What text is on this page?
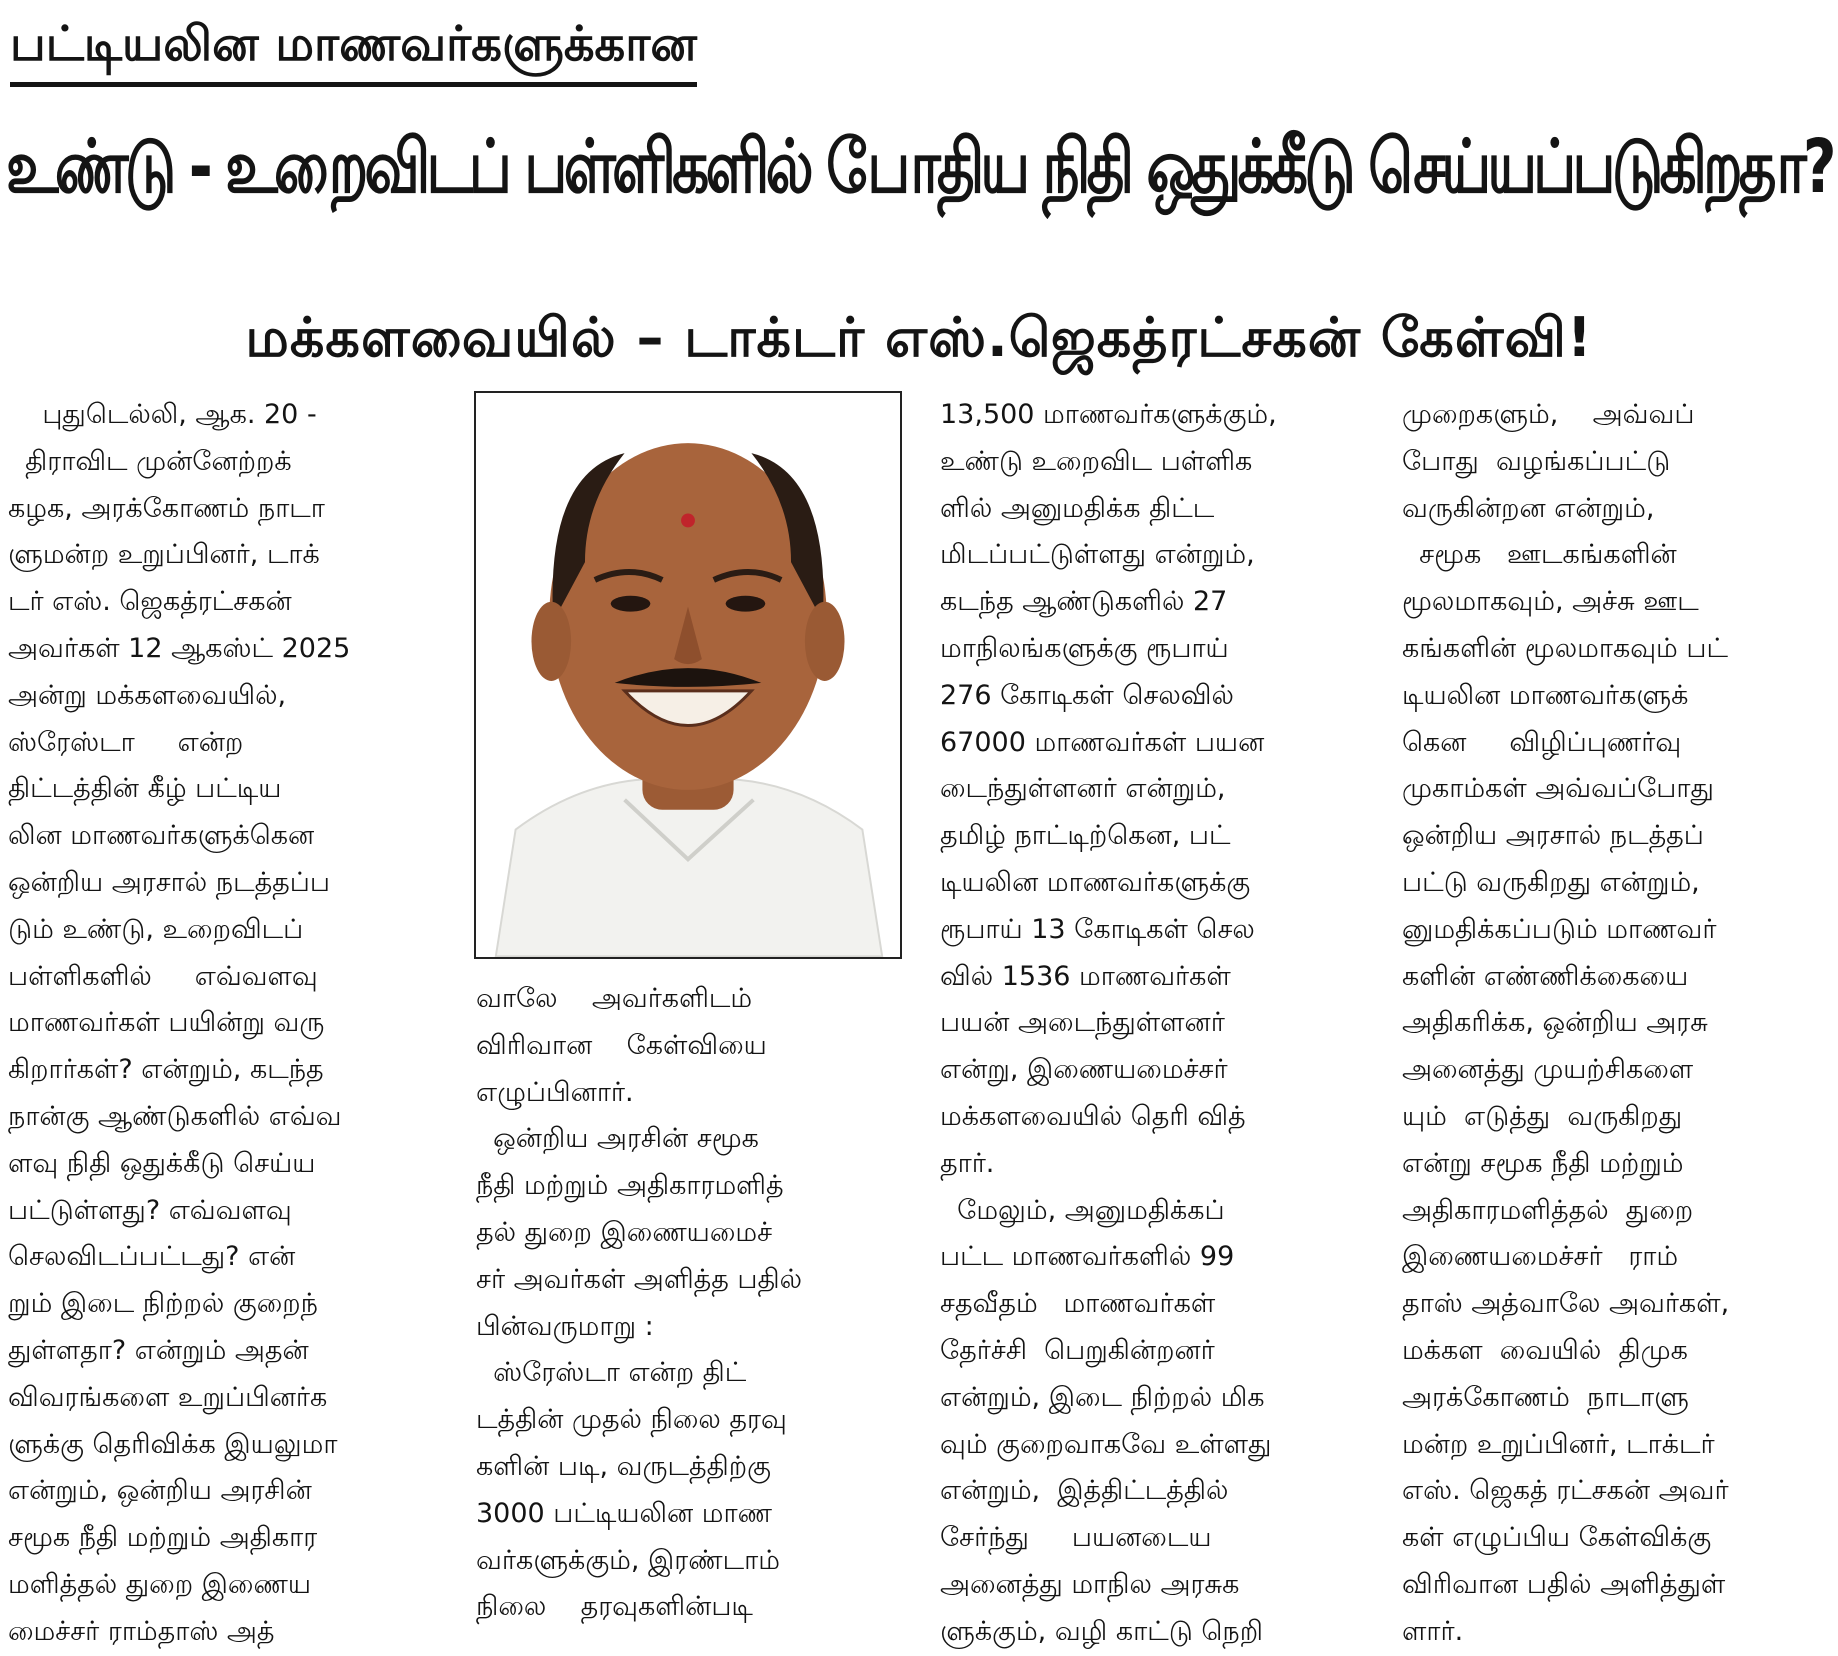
பட்டியலின மாணவர்களுக்கான
உண்டு - உறைவிடப் பள்ளிகளில் போதிய நிதி ஒதுக்கீடு செய்யப்படுகிறதா?
மக்களவையில் – டாக்டர் எஸ்.ஜெகத்ரட்சகன் கேள்வி!
புதுடெல்லி, ஆக. 20 -
திராவிட முன்னேற்றக்
கழக, அரக்கோணம் நாடா
ளுமன்ற உறுப்பினர், டாக்
டர் எஸ். ஜெகத்ரட்சகன்
அவர்கள் 12 ஆகஸ்ட் 2025
அன்று மக்களவையில்,
ஸ்ரேஸ்டா     என்ற
திட்டத்தின் கீழ் பட்டிய
லின மாணவர்களுக்கென
ஒன்றிய அரசால் நடத்தப்ப
டும் உண்டு, உறைவிடப்
பள்ளிகளில்     எவ்வளவு
மாணவர்கள் பயின்று வரு
கிறார்கள்? என்றும், கடந்த
நான்கு ஆண்டுகளில் எவ்வ
ளவு நிதி ஒதுக்கீடு செய்ய
பட்டுள்ளது? எவ்வளவு
செலவிடப்பட்டது? என்
றும் இடை நிற்றல் குறைந்
துள்ளதா? என்றும் அதன்
விவரங்களை உறுப்பினர்க
ளுக்கு தெரிவிக்க இயலுமா
என்றும், ஒன்றிய அரசின்
சமூக நீதி மற்றும் அதிகார
மளித்தல் துறை இணைய
மைச்சர் ராம்தாஸ் அத்
வாலே    அவர்களிடம்
விரிவான    கேள்வியை
எழுப்பினார்.
ஒன்றிய அரசின் சமூக
நீதி மற்றும் அதிகாரமளித்
தல் துறை இணையமைச்
சர் அவர்கள் அளித்த பதில்
பின்வருமாறு :
ஸ்ரேஸ்டா என்ற திட்
டத்தின் முதல் நிலை தரவு
களின் படி, வருடத்திற்கு
3000 பட்டியலின மாண
வர்களுக்கும், இரண்டாம்
நிலை    தரவுகளின்படி
13,500 மாணவர்களுக்கும்,
உண்டு உறைவிட பள்ளிக
ளில் அனுமதிக்க திட்ட
மிடப்பட்டுள்ளது என்றும்,
கடந்த ஆண்டுகளில் 27
மாநிலங்களுக்கு ரூபாய்
276 கோடிகள் செலவில்
67000 மாணவர்கள் பயன
டைந்துள்ளனர் என்றும்,
தமிழ் நாட்டிற்கென, பட்
டியலின மாணவர்களுக்கு
ரூபாய் 13 கோடிகள் செல
வில் 1536 மாணவர்கள்
பயன் அடைந்துள்ளனர்
என்று, இணையமைச்சர்
மக்களவையில் தெரி வித்
தார்.
மேலும், அனுமதிக்கப்
பட்ட மாணவர்களில் 99
சதவீதம்   மாணவர்கள்
தேர்ச்சி  பெறுகின்றனர்
என்றும், இடை நிற்றல் மிக
வும் குறைவாகவே உள்ளது
என்றும்,  இத்திட்டத்தில்
சேர்ந்து     பயனடைய
அனைத்து மாநில அரசுக
ளுக்கும், வழி காட்டு நெறி
முறைகளும்,    அவ்வப்
போது  வழங்கப்பட்டு
வருகின்றன என்றும்,
சமூக   ஊடகங்களின்
மூலமாகவும், அச்சு ஊட
கங்களின் மூலமாகவும் பட்
டியலின மாணவர்களுக்
கென     விழிப்புணர்வு
முகாம்கள் அவ்வப்போது
ஒன்றிய அரசால் நடத்தப்
பட்டு வருகிறது என்றும்,
னுமதிக்கப்படும் மாணவர்
களின் எண்ணிக்கையை
அதிகரிக்க, ஒன்றிய அரசு
அனைத்து முயற்சிகளை
யும்  எடுத்து  வருகிறது
என்று சமூக நீதி மற்றும்
அதிகாரமளித்தல்  துறை
இணையமைச்சர்   ராம்
தாஸ் அத்வாலே அவர்கள்,
மக்கள  வையில்  திமுக
அரக்கோணம்  நாடாளு
மன்ற உறுப்பினர், டாக்டர்
எஸ். ஜெகத் ரட்சகன் அவர்
கள் எழுப்பிய கேள்விக்கு
விரிவான பதில் அளித்துள்
ளார்.
